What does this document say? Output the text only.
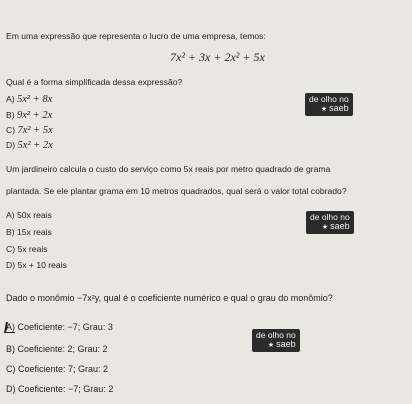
Em uma expressão que representa o lucro de uma empresa, temos:
7x² + 3x + 2x² + 5x
Qual é a forma simplificada dessa expressão?
A) 5x² + 8x
B) 9x² + 2x
C) 7x² + 5x
D) 5x² + 2x
de olho no
★ saeb
Um jardineiro calcula o custo do serviço como 5x reais por metro quadrado de grama
plantada. Se ele plantar grama em 10 metros quadrados, qual será o valor total cobrado?
A) 50x reais
B) 15x reais
C) 5x reais
D) 5x + 10 reais
de olho no
★ saeb
Dado o monômio −7x²y, qual é o coeficiente numérico e qual o grau do monômio?
A) Coeficiente: −7; Grau: 3
B) Coeficiente: 2; Grau: 2
C) Coeficiente: 7; Grau: 2
D) Coeficiente: −7; Grau: 2
de olho no
★ saeb
